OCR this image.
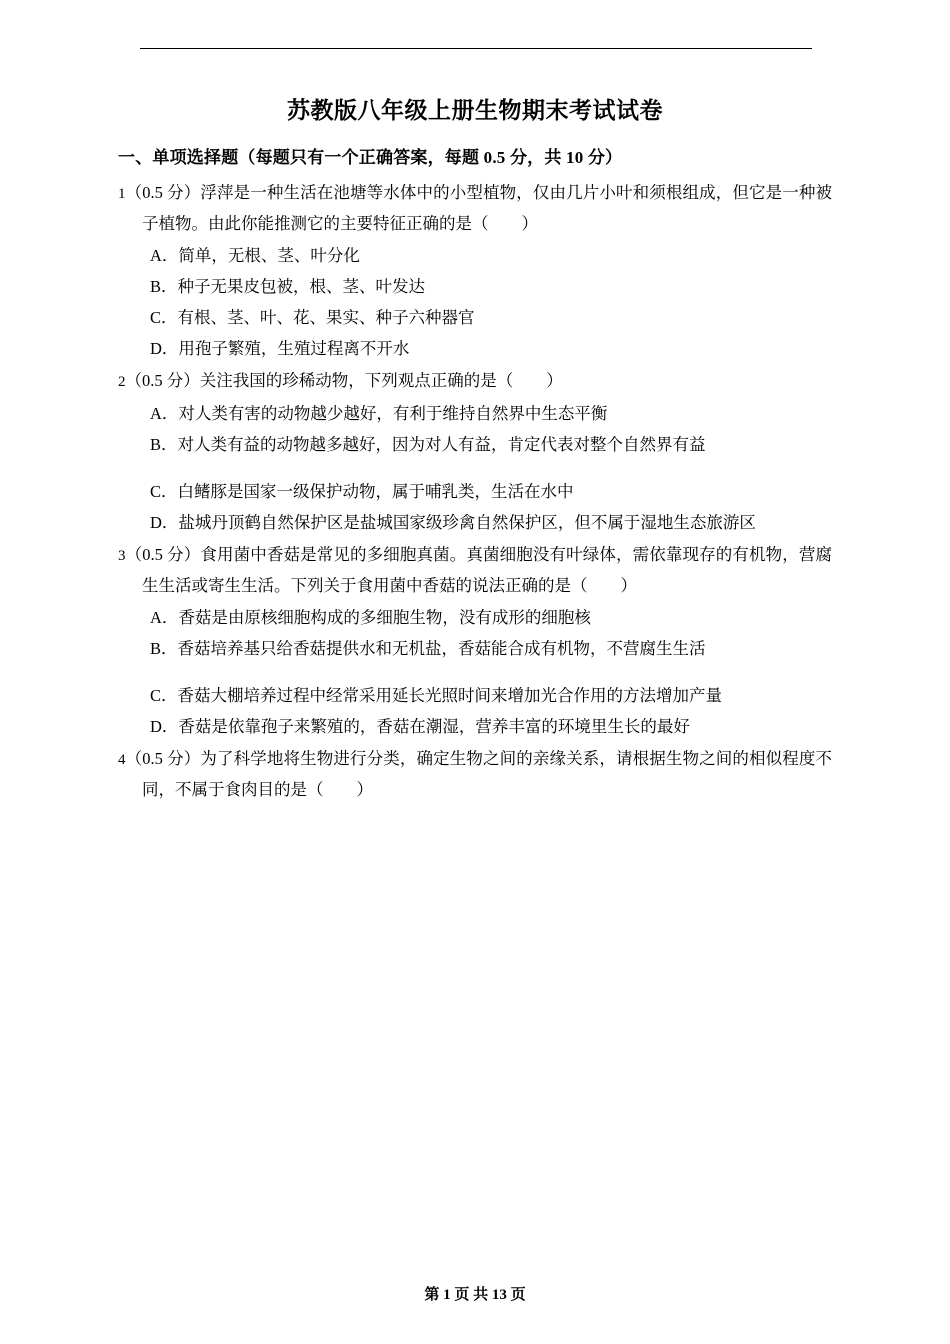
苏教版八年级上册生物期末考试试卷
一、单项选择题（每题只有一个正确答案，每题 0.5 分，共 10 分）
1（0.5 分）浮萍是一种生活在池塘等水体中的小型植物，仅由几片小叶和须根组成，但它是一种被子植物。由此你能推测它的主要特征正确的是（　　）
A．简单，无根、茎、叶分化
B．种子无果皮包被，根、茎、叶发达
C．有根、茎、叶、花、果实、种子六种器官
D．用孢子繁殖，生殖过程离不开水
2（0.5 分）关注我国的珍稀动物，下列观点正确的是（　　）
A．对人类有害的动物越少越好，有利于维持自然界中生态平衡
B．对人类有益的动物越多越好，因为对人有益，肯定代表对整个自然界有益
C．白鳍豚是国家一级保护动物，属于哺乳类，生活在水中
D．盐城丹顶鹤自然保护区是盐城国家级珍禽自然保护区，但不属于湿地生态旅游区
3（0.5 分）食用菌中香菇是常见的多细胞真菌。真菌细胞没有叶绿体，需依靠现存的有机物，营腐生生活或寄生生活。下列关于食用菌中香菇的说法正确的是（　　）
A．香菇是由原核细胞构成的多细胞生物，没有成形的细胞核
B．香菇培养基只给香菇提供水和无机盐，香菇能合成有机物，不营腐生生活
C．香菇大棚培养过程中经常采用延长光照时间来增加光合作用的方法增加产量
D．香菇是依靠孢子来繁殖的，香菇在潮湿，营养丰富的环境里生长的最好
4（0.5 分）为了科学地将生物进行分类，确定生物之间的亲缘关系，请根据生物之间的相似程度不同，不属于食肉目的是（　　）
第 1 页 共 13 页
